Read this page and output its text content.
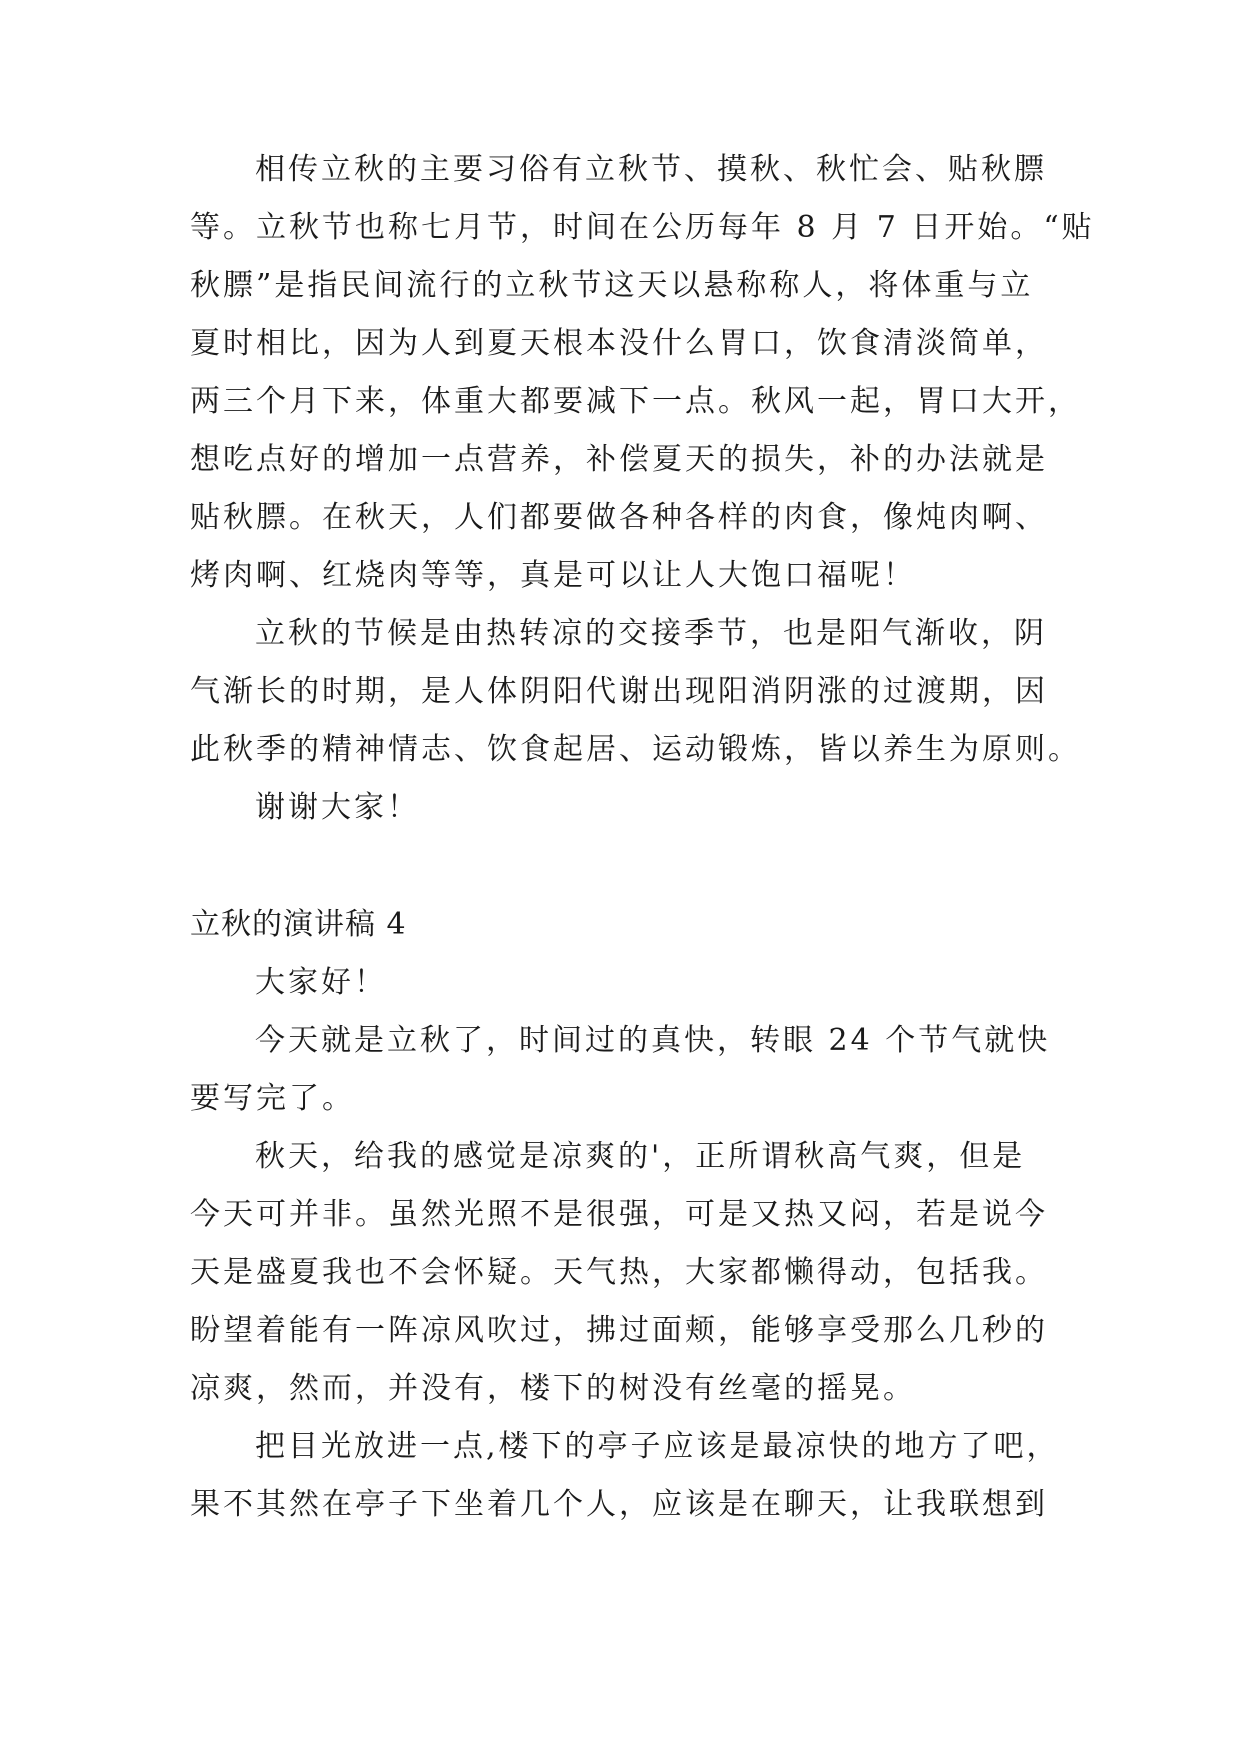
相传立秋的主要习俗有立秋节、摸秋、秋忙会、贴秋膘
等。立秋节也称七月节，时间在公历每年 8 月 7 日开始。“贴
秋膘”是指民间流行的立秋节这天以悬称称人，将体重与立
夏时相比，因为人到夏天根本没什么胃口，饮食清淡简单，
两三个月下来，体重大都要减下一点。秋风一起，胃口大开，
想吃点好的增加一点营养，补偿夏天的损失，补的办法就是
贴秋膘。在秋天，人们都要做各种各样的肉食，像炖肉啊、
烤肉啊、红烧肉等等，真是可以让人大饱口福呢！
立秋的节候是由热转凉的交接季节，也是阳气渐收，阴
气渐长的时期，是人体阴阳代谢出现阳消阴涨的过渡期，因
此秋季的精神情志、饮食起居、运动锻炼，皆以养生为原则。
谢谢大家！
立秋的演讲稿 4
大家好！
今天就是立秋了，时间过的真快，转眼 24 个节气就快
要写完了。
秋天，给我的感觉是凉爽的'，正所谓秋高气爽，但是
今天可并非。虽然光照不是很强，可是又热又闷，若是说今
天是盛夏我也不会怀疑。天气热，大家都懒得动，包括我。
盼望着能有一阵凉风吹过，拂过面颊，能够享受那么几秒的
凉爽，然而，并没有，楼下的树没有丝毫的摇晃。
把目光放进一点,楼下的亭子应该是最凉快的地方了吧，
果不其然在亭子下坐着几个人，应该是在聊天，让我联想到
